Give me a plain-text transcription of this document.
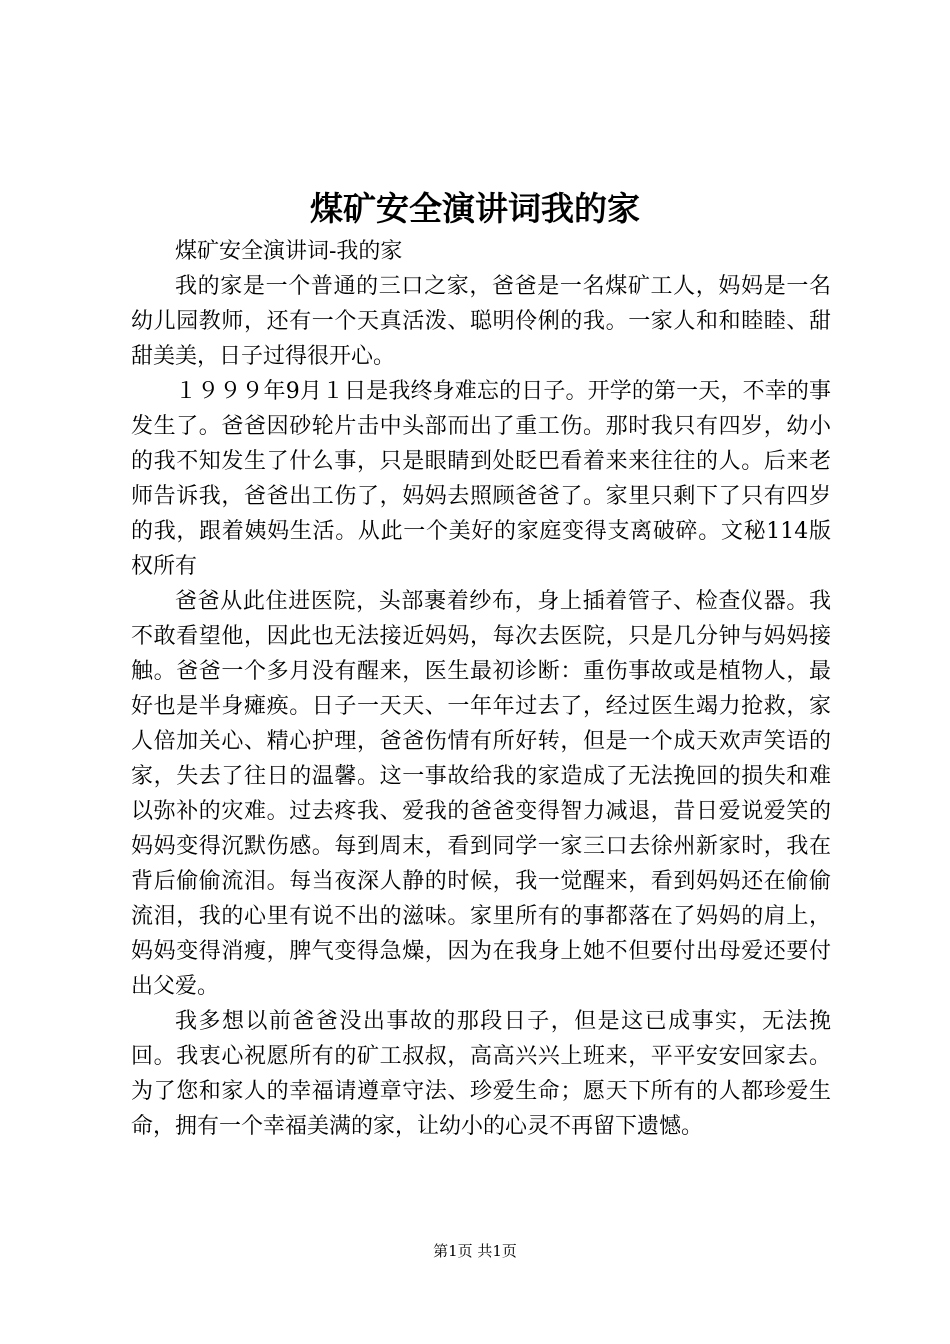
煤矿安全演讲词我的家

煤矿安全演讲词-我的家

我的家是一个普通的三口之家，爸爸是一名煤矿工人，妈妈是一名幼儿园教师，还有一个天真活泼、聪明伶俐的我。一家人和和睦睦、甜甜美美，日子过得很开心。

１９９９年9月１日是我终身难忘的日子。开学的第一天，不幸的事发生了。爸爸因砂轮片击中头部而出了重工伤。那时我只有四岁，幼小的我不知发生了什么事，只是眼睛到处眨巴看着来来往往的人。后来老师告诉我，爸爸出工伤了，妈妈去照顾爸爸了。家里只剩下了只有四岁的我，跟着姨妈生活。从此一个美好的家庭变得支离破碎。文秘114版权所有

爸爸从此住进医院，头部裹着纱布，身上插着管子、检查仪器。我不敢看望他，因此也无法接近妈妈，每次去医院，只是几分钟与妈妈接触。爸爸一个多月没有醒来，医生最初诊断：重伤事故或是植物人，最好也是半身瘫痪。日子一天天、一年年过去了，经过医生竭力抢救，家人倍加关心、精心护理，爸爸伤情有所好转，但是一个成天欢声笑语的家，失去了往日的温馨。这一事故给我的家造成了无法挽回的损失和难以弥补的灾难。过去疼我、爱我的爸爸变得智力减退，昔日爱说爱笑的妈妈变得沉默伤感。每到周末，看到同学一家三口去徐州新家时，我在背后偷偷流泪。每当夜深人静的时候，我一觉醒来，看到妈妈还在偷偷流泪，我的心里有说不出的滋味。家里所有的事都落在了妈妈的肩上，妈妈变得消瘦，脾气变得急燥，因为在我身上她不但要付出母爱还要付出父爱。

我多想以前爸爸没出事故的那段日子，但是这已成事实，无法挽回。我衷心祝愿所有的矿工叔叔，高高兴兴上班来，平平安安回家去。为了您和家人的幸福请遵章守法、珍爱生命；愿天下所有的人都珍爱生命，拥有一个幸福美满的家，让幼小的心灵不再留下遗憾。

第1页 共1页
